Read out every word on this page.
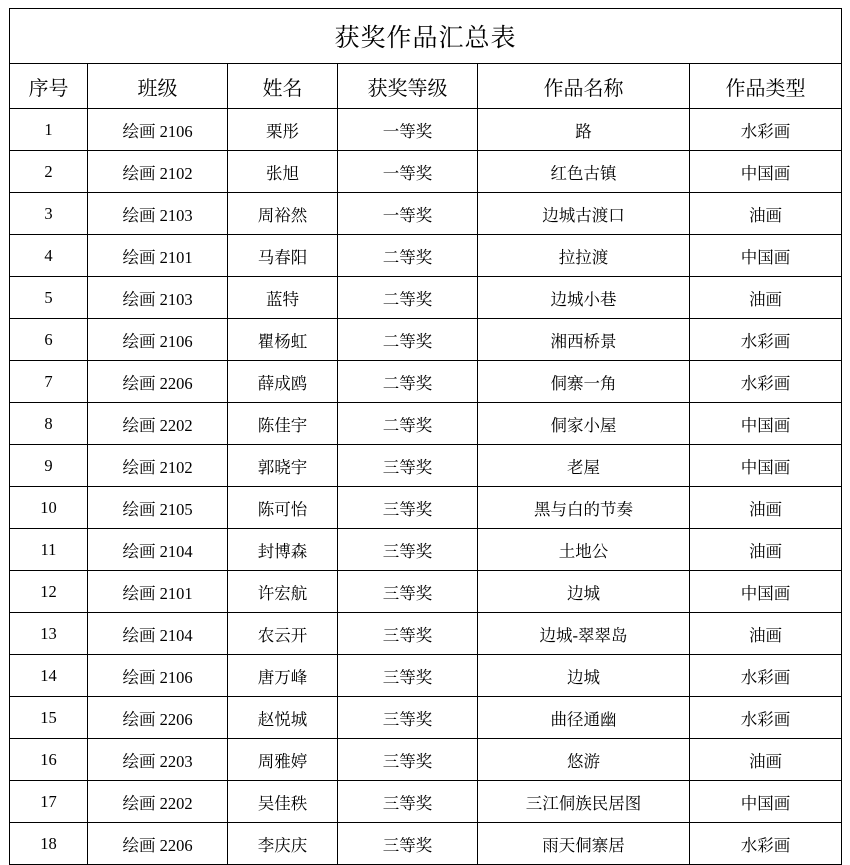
获奖作品汇总表					
序号	班级	姓名	获奖等级	作品名称	作品类型
1	绘画 2106	栗彤	一等奖	路	水彩画
2	绘画 2102	张旭	一等奖	红色古镇	中国画
3	绘画 2103	周裕然	一等奖	边城古渡口	油画
4	绘画 2101	马春阳	二等奖	拉拉渡	中国画
5	绘画 2103	蓝特	二等奖	边城小巷	油画
6	绘画 2106	瞿杨虹	二等奖	湘西桥景	水彩画
7	绘画 2206	薛成鸥	二等奖	侗寨一角	水彩画
8	绘画 2202	陈佳宇	二等奖	侗家小屋	中国画
9	绘画 2102	郭晓宇	三等奖	老屋	中国画
10	绘画 2105	陈可怡	三等奖	黑与白的节奏	油画
11	绘画 2104	封博森	三等奖	土地公	油画
12	绘画 2101	许宏航	三等奖	边城	中国画
13	绘画 2104	农云开	三等奖	边城-翠翠岛	油画
14	绘画 2106	唐万峰	三等奖	边城	水彩画
15	绘画 2206	赵悦城	三等奖	曲径通幽	水彩画
16	绘画 2203	周雅婷	三等奖	悠游	油画
17	绘画 2202	吴佳秩	三等奖	三江侗族民居图	中国画
18	绘画 2206	李庆庆	三等奖	雨天侗寨居	水彩画
